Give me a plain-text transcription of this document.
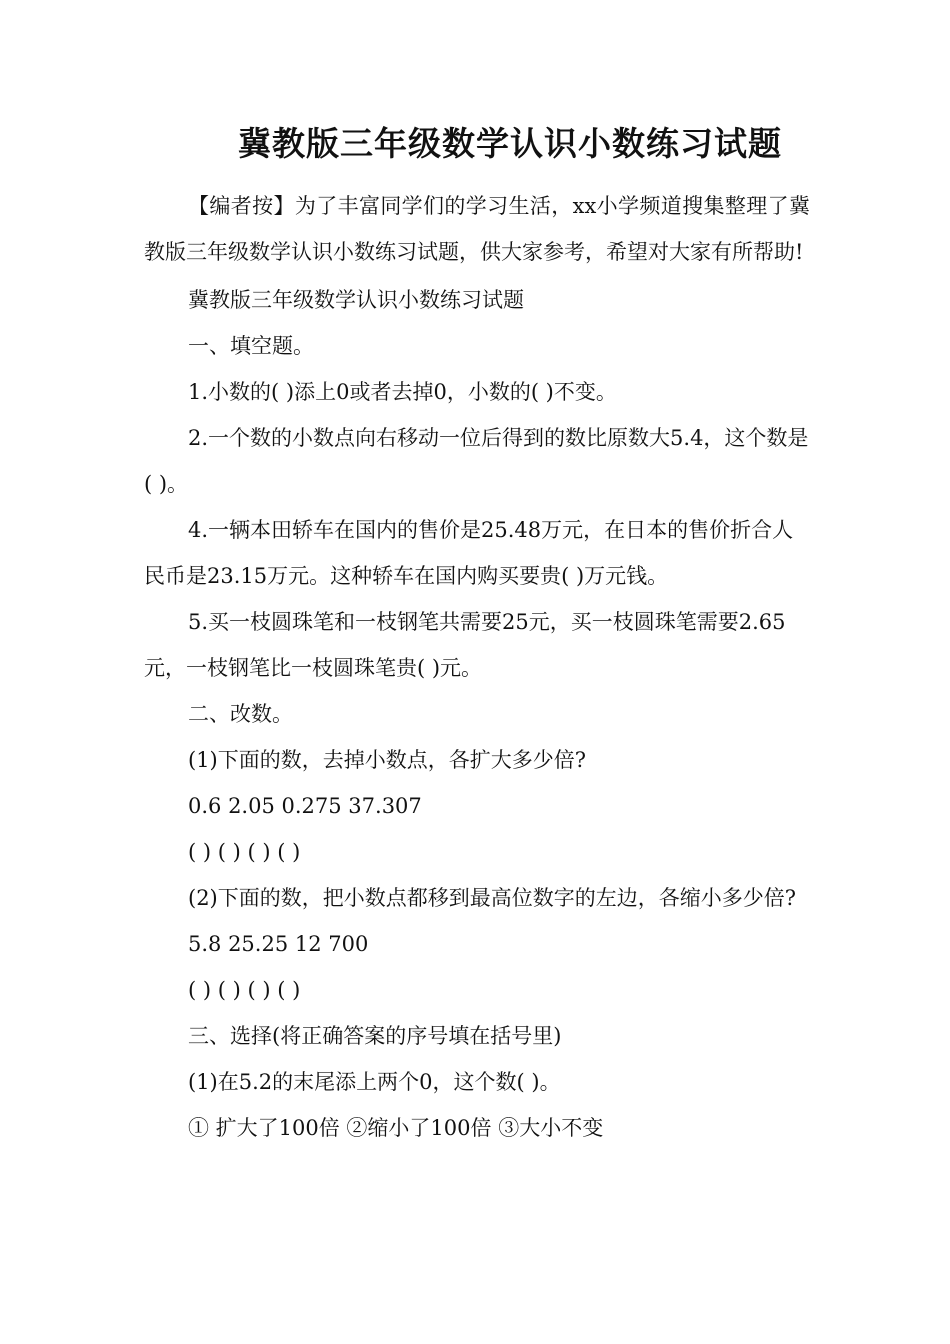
冀教版三年级数学认识小数练习试题

【编者按】为了丰富同学们的学习生活，xx小学频道搜集整理了冀教版三年级数学认识小数练习试题，供大家参考，希望对大家有所帮助!

冀教版三年级数学认识小数练习试题

一、填空题。

1.小数的( )添上0或者去掉0，小数的( )不变。

2.一个数的小数点向右移动一位后得到的数比原数大5.4，这个数是( )。

4.一辆本田轿车在国内的售价是25.48万元，在日本的售价折合人民币是23.15万元。这种轿车在国内购买要贵( )万元钱。

5.买一枝圆珠笔和一枝钢笔共需要25元，买一枝圆珠笔需要2.65元，一枝钢笔比一枝圆珠笔贵( )元。

二、改数。

(1)下面的数，去掉小数点，各扩大多少倍?

0.6 2.05 0.275 37.307

( ) ( ) ( ) ( )

(2)下面的数，把小数点都移到最高位数字的左边，各缩小多少倍?

5.8 25.25 12 700

( ) ( ) ( ) ( )

三、选择(将正确答案的序号填在括号里)

(1)在5.2的末尾添上两个0，这个数( )。

① 扩大了100倍 ②缩小了100倍 ③大小不变
